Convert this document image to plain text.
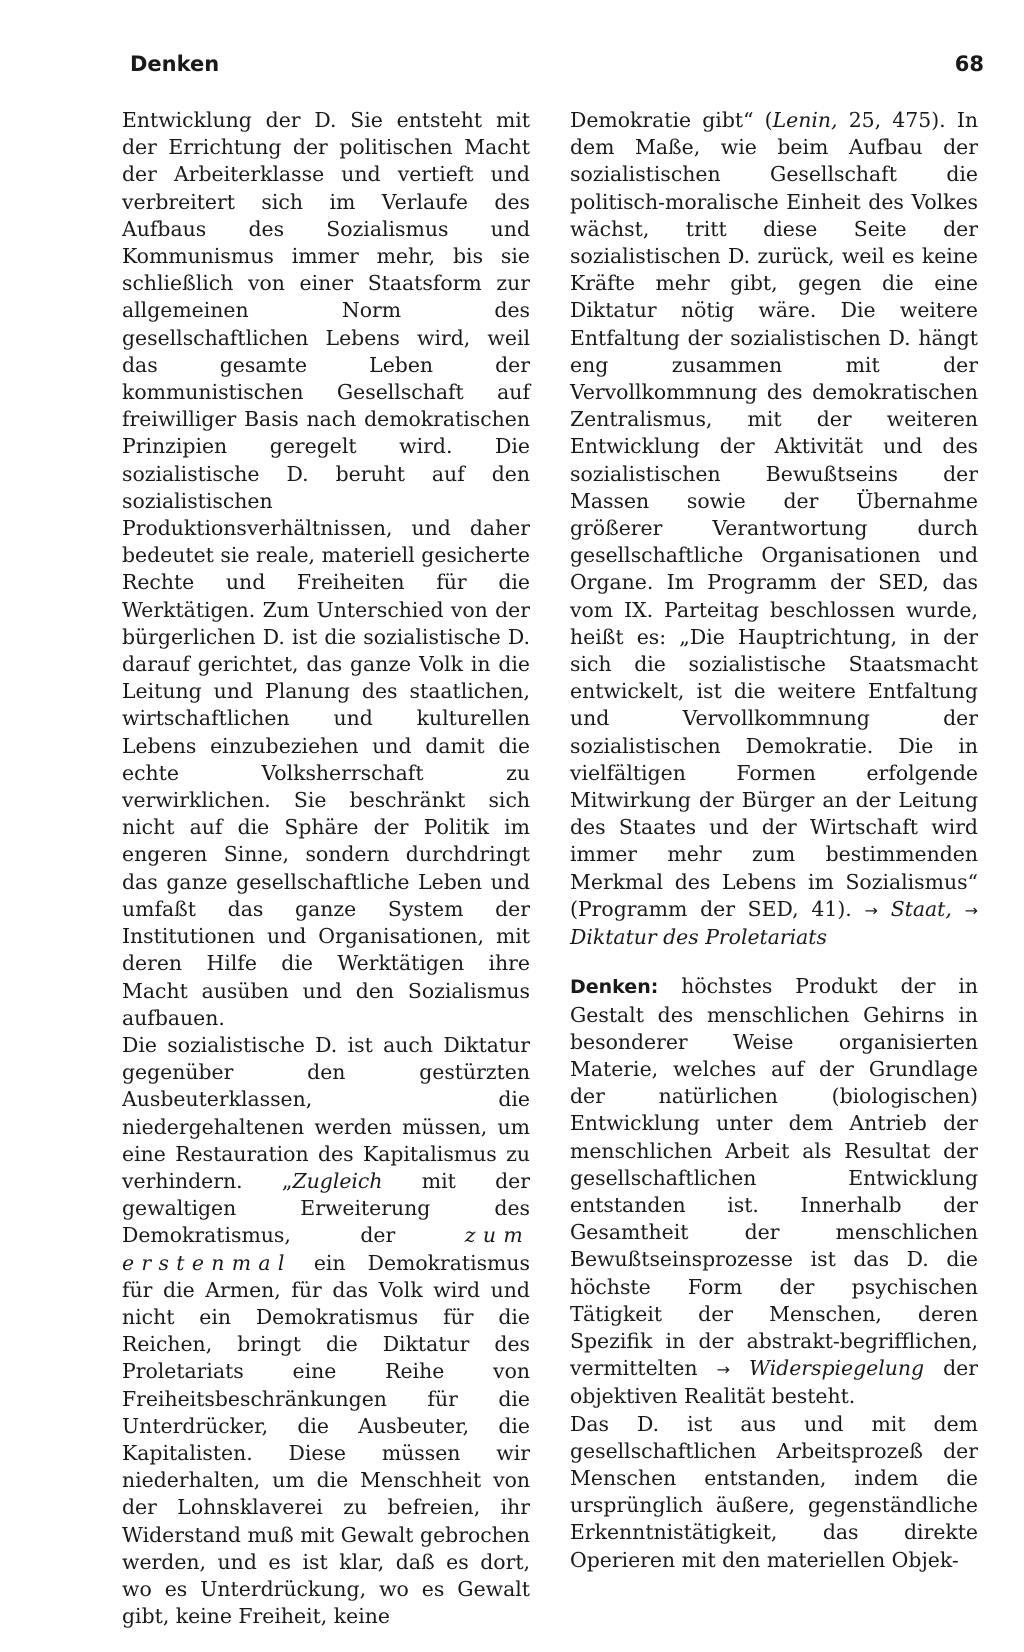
Denken	68

Entwicklung der D. Sie entsteht mit der Errichtung der politischen Macht der Arbeiterklasse und vertieft und verbreitert sich im Verlaufe des Aufbaus des Sozialismus und Kommunismus immer mehr, bis sie schließlich von einer Staatsform zur allgemeinen Norm des gesellschaftlichen Lebens wird, weil das gesamte Leben der kommunistischen Gesellschaft auf freiwilliger Basis nach demokratischen Prinzipien geregelt wird. Die sozialistische D. beruht auf den sozialistischen Produktionsverhältnissen, und daher bedeutet sie reale, materiell gesicherte Rechte und Freiheiten für die Werktätigen. Zum Unterschied von der bürgerlichen D. ist die sozialistische D. darauf gerichtet, das ganze Volk in die Leitung und Planung des staatlichen, wirtschaftlichen und kulturellen Lebens einzubeziehen und damit die echte Volksherrschaft zu verwirklichen. Sie beschränkt sich nicht auf die Sphäre der Politik im engeren Sinne, sondern durchdringt das ganze gesellschaftliche Leben und umfaßt das ganze System der Institutionen und Organisationen, mit deren Hilfe die Werktätigen ihre Macht ausüben und den Sozialismus aufbauen.

Die sozialistische D. ist auch Diktatur gegenüber den gestürzten Ausbeuterklassen, die niedergehaltenen werden müssen, um eine Restauration des Kapitalismus zu verhindern. „Zugleich mit der gewaltigen Erweiterung des Demokratismus, der zum erstenmal ein Demokratismus für die Armen, für das Volk wird und nicht ein Demokratismus für die Reichen, bringt die Diktatur des Proletariats eine Reihe von Freiheitsbeschränkungen für die Unterdrücker, die Ausbeuter, die Kapitalisten. Diese müssen wir niederhalten, um die Menschheit von der Lohnsklaverei zu befreien, ihr Widerstand muß mit Gewalt gebrochen werden, und es ist klar, daß es dort, wo es Unterdrückung, wo es Gewalt gibt, keine Freiheit, keine

Demokratie gibt“ (Lenin, 25, 475). In dem Maße, wie beim Aufbau der sozialistischen Gesellschaft die politisch-moralische Einheit des Volkes wächst, tritt diese Seite der sozialistischen D. zurück, weil es keine Kräfte mehr gibt, gegen die eine Diktatur nötig wäre. Die weitere Entfaltung der sozialistischen D. hängt eng zusammen mit der Vervollkommnung des demokratischen Zentralismus, mit der weiteren Entwicklung der Aktivität und des sozialistischen Bewußtseins der Massen sowie der Übernahme größerer Verantwortung durch gesellschaftliche Organisationen und Organe. Im Programm der SED, das vom IX. Parteitag beschlossen wurde, heißt es: „Die Hauptrichtung, in der sich die sozialistische Staatsmacht entwickelt, ist die weitere Entfaltung und Vervollkommnung der sozialistischen Demokratie. Die in vielfältigen Formen erfolgende Mitwirkung der Bürger an der Leitung des Staates und der Wirtschaft wird immer mehr zum bestimmenden Merkmal des Lebens im Sozialismus“ (Programm der SED, 41). → Staat, → Diktatur des Proletariats

Denken: höchstes Produkt der in Gestalt des menschlichen Gehirns in besonderer Weise organisierten Materie, welches auf der Grundlage der natürlichen (biologischen) Entwicklung unter dem Antrieb der menschlichen Arbeit als Resultat der gesellschaftlichen Entwicklung entstanden ist. Innerhalb der Gesamtheit der menschlichen Bewußtseinsprozesse ist das D. die höchste Form der psychischen Tätigkeit der Menschen, deren Spezifik in der abstrakt-begrifflichen, vermittelten → Widerspiegelung der objektiven Realität besteht.

Das D. ist aus und mit dem gesellschaftlichen Arbeitsprozeß der Menschen entstanden, indem die ursprünglich äußere, gegenständliche Erkenntnistätigkeit, das direkte Operieren mit den materiellen Objek-
